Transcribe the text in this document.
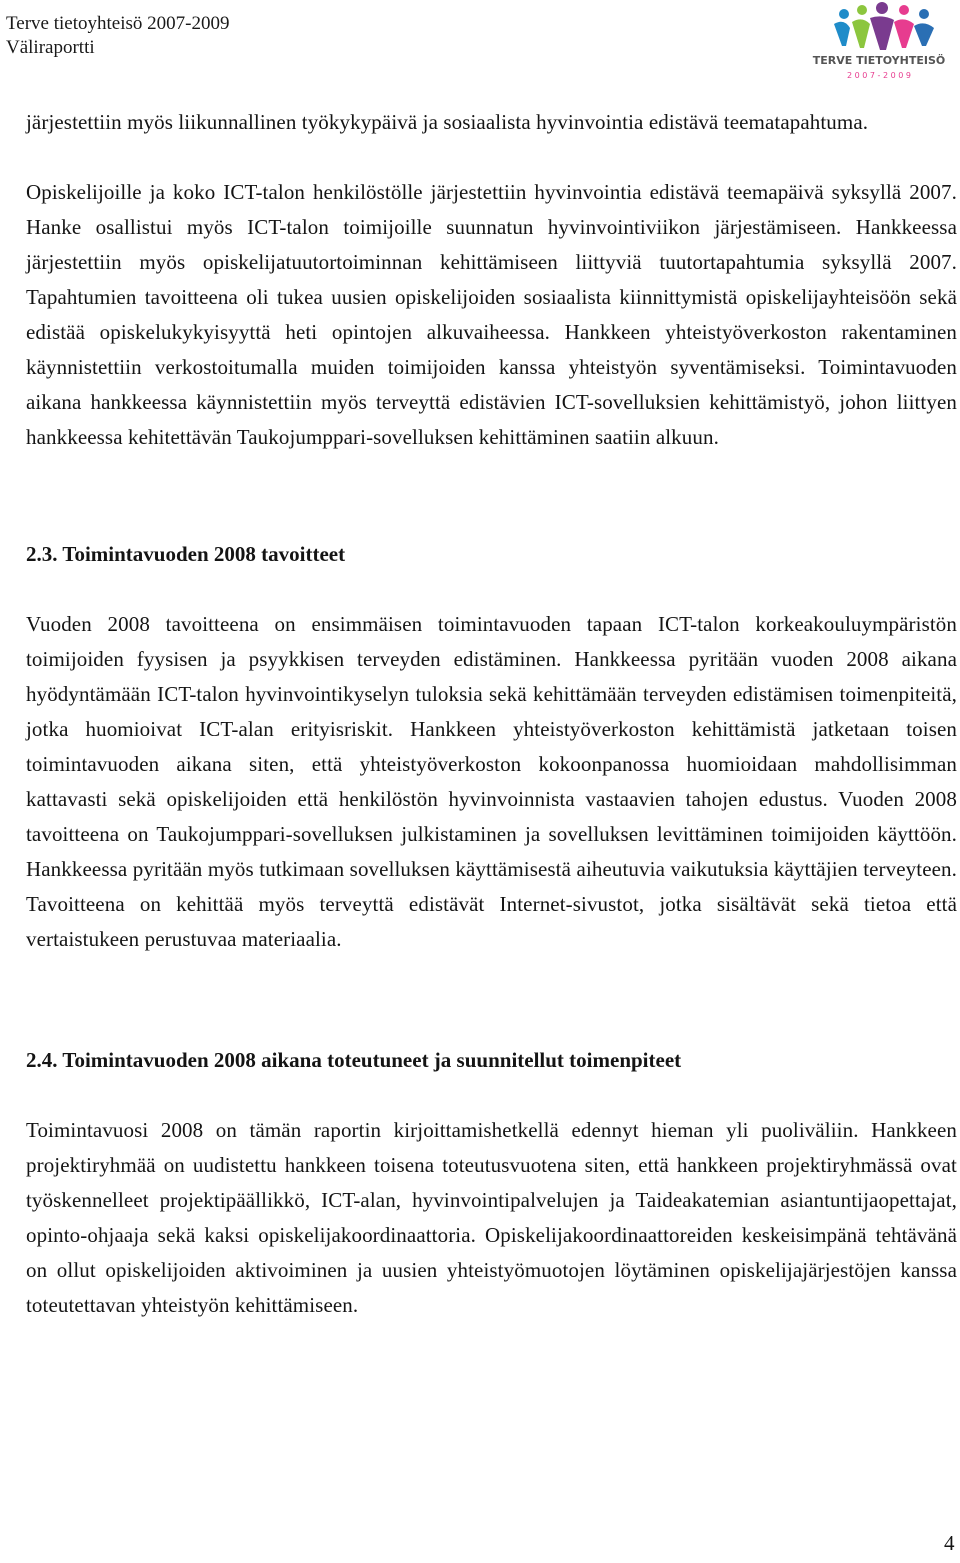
Terve tietoyhteisö 2007-2009
Väliraportti
TERVE TIETOYHTEISÖ
2 0 0 7 - 2 0 0 9

järjestettiin myös liikunnallinen työkykypäivä ja sosiaalista hyvinvointia edistävä teematapahtuma.

Opiskelijoille ja koko ICT-talon henkilöstölle järjestettiin hyvinvointia edistävä teemapäivä syksyllä 2007. Hanke osallistui myös ICT-talon toimijoille suunnatun hyvinvointiviikon järjestämiseen. Hankkeessa järjestettiin myös opiskelijatuutortoiminnan kehittämiseen liittyviä tuutortapahtumia syksyllä 2007. Tapahtumien tavoitteena oli tukea uusien opiskelijoiden sosiaalista kiinnittymistä opiskelijayhteisöön sekä edistää opiskelukykyisyyttä heti opintojen alkuvaiheessa. Hankkeen yhteistyöverkoston rakentaminen käynnistettiin verkostoitumalla muiden toimijoiden kanssa yhteistyön syventämiseksi. Toimintavuoden aikana hankkeessa käynnistettiin myös terveyttä edistävien ICT-sovelluksien kehittämistyö, johon liittyen hankkeessa kehitettävän Taukojumppari-sovelluksen kehittäminen saatiin alkuun.

2.3. Toimintavuoden 2008 tavoitteet

Vuoden 2008 tavoitteena on ensimmäisen toimintavuoden tapaan ICT-talon korkeakouluympäristön toimijoiden fyysisen ja psyykkisen terveyden edistäminen. Hankkeessa pyritään vuoden 2008 aikana hyödyntämään ICT-talon hyvinvointikyselyn tuloksia sekä kehittämään terveyden edistämisen toimenpiteitä, jotka huomioivat ICT-alan erityisriskit. Hankkeen yhteistyöverkoston kehittämistä jatketaan toisen toimintavuoden aikana siten, että yhteistyöverkoston kokoonpanossa huomioidaan mahdollisimman kattavasti sekä opiskelijoiden että henkilöstön hyvinvoinnista vastaavien tahojen edustus. Vuoden 2008 tavoitteena on Taukojumppari-sovelluksen julkistaminen ja sovelluksen levittäminen toimijoiden käyttöön. Hankkeessa pyritään myös tutkimaan sovelluksen käyttämisestä aiheutuvia vaikutuksia käyttäjien terveyteen. Tavoitteena on kehittää myös terveyttä edistävät Internet-sivustot, jotka sisältävät sekä tietoa että vertaistukeen perustuvaa materiaalia.

2.4. Toimintavuoden 2008 aikana toteutuneet ja suunnitellut toimenpiteet

Toimintavuosi 2008 on tämän raportin kirjoittamishetkellä edennyt hieman yli puoliväliin. Hankkeen projektiryhmää on uudistettu hankkeen toisena toteutusvuotena siten, että hankkeen projektiryhmässä ovat työskennelleet projektipäällikkö, ICT-alan, hyvinvointipalvelujen ja Taideakatemian asiantuntijaopettajat, opinto-ohjaaja sekä kaksi opiskelijakoordinaattoria. Opiskelijakoordinaattoreiden keskeisimpänä tehtävänä on ollut opiskelijoiden aktivoiminen ja uusien yhteistyömuotojen löytäminen opiskelijajärjestöjen kanssa toteutettavan yhteistyön kehittämiseen.

4
